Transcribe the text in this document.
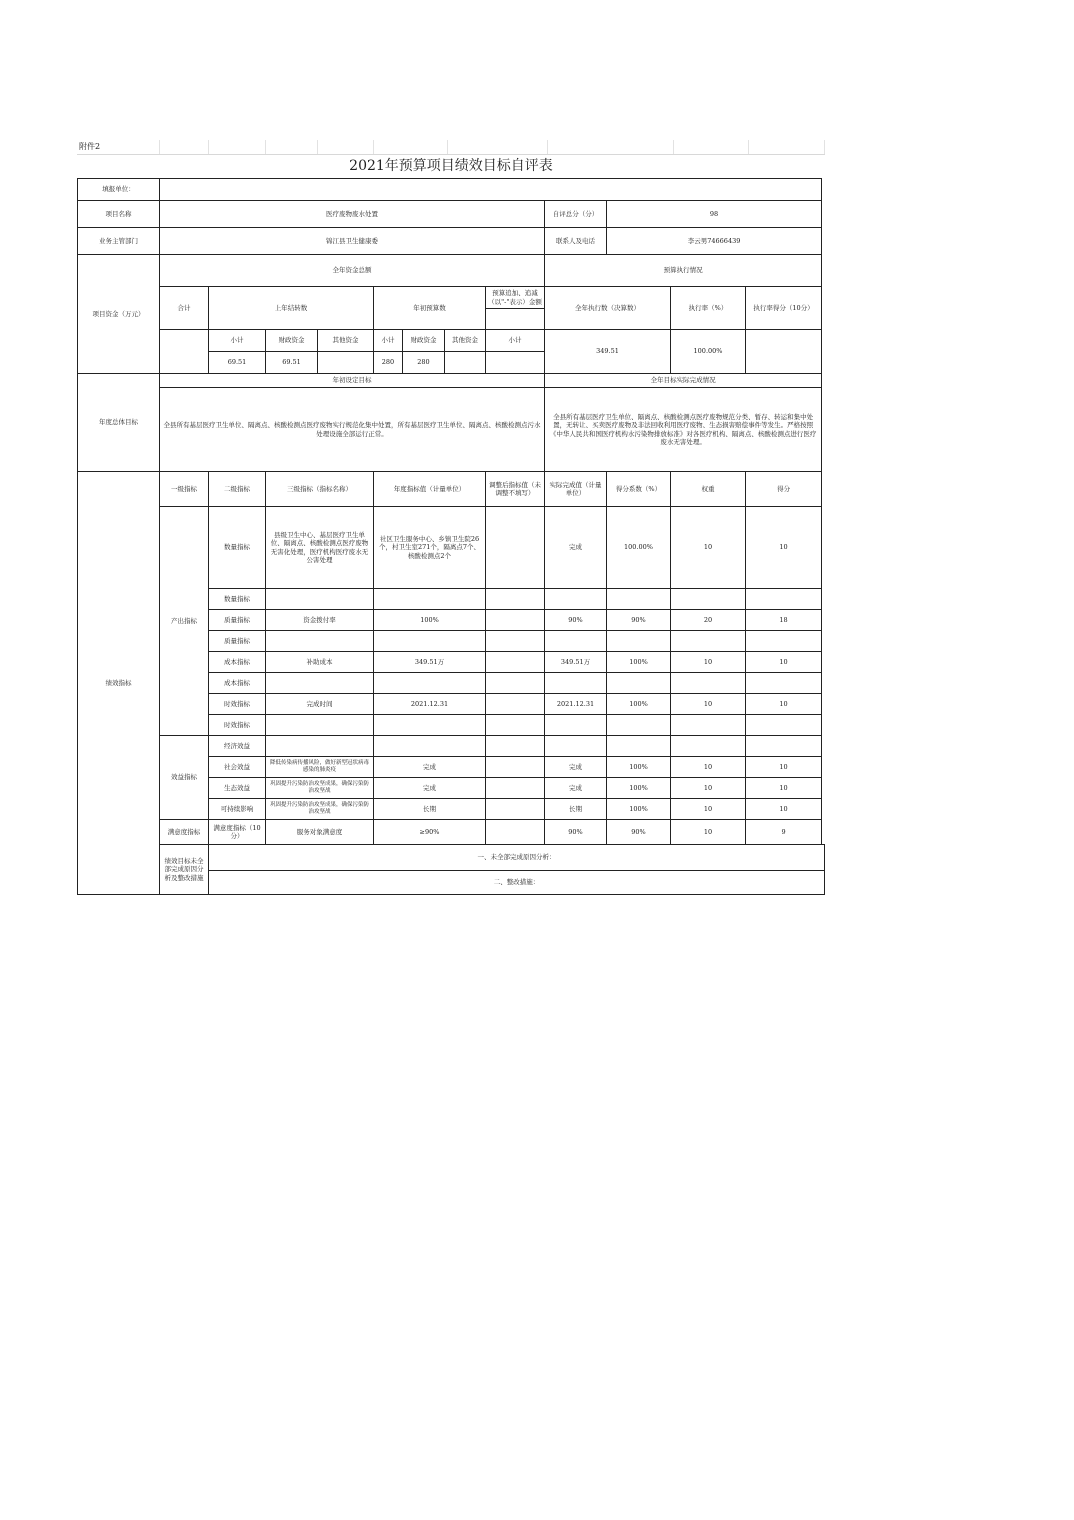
附件2
2021年预算项目绩效目标自评表
填报单位：												
项目名称	医疗废物废水处置								自评总分（分）	98		
业务主管部门	锦江县卫生健康委								联系人及电话	李云男74666439		
项目资金（万元）	全年资金总额								预算执行情况			
	合计	上年结转数			年初预算数			预算追加、追减（以"-"表示）金额	全年执行数（决算数）		执行率（%）	执行率得分（10分）

		小计	财政资金	其他资金	小计	财政资金	其他资金	小计	349.51		100.00%	
		69.51	69.51		280	280						
年度总体目标	年初设定目标								全年目标实际完成情况			
	全县所有基层医疗卫生单位、隔离点、核酸检测点医疗废物实行规范化集中处置，所有基层医疗卫生单位、隔离点、核酸检测点污水处理设施全部运行正常。								全县所有基层医疗卫生单位、隔离点、核酸检测点医疗废物规范分类、暂存、转运和集中处置，无转让、买卖医疗废物及非法回收利用医疗废物、生态损害赔偿事件等发生。严格按照《中华人民共和国医疗机构水污染物排放标准》对各医疗机构、隔离点、核酸检测点进行医疗废水无害处理。			
绩效指标	一级指标	二级指标	三级指标（指标名称）		年度指标值（计量单位）			调整后指标值（未调整不填写）	实际完成值（计量单位）	得分系数（%）	权重	得分
	产出指标	数量指标	县级卫生中心、基层医疗卫生单位、隔离点、核酸检测点医疗废物无害化处理，医疗机构医疗废水无公害处理		社区卫生服务中心、乡镇卫生院26个，村卫生室271个，隔离点7个、核酸检测点2个				完成	100.00%	10	10
		数量指标										
		质量指标	资金拨付率		100%				90%	90%	20	18
		质量指标										
		成本指标	补助成本		349.51万				349.51万	100%	10	10
		成本指标										
		时效指标	完成时间		2021.12.31				2021.12.31	100%	10	10
		时效指标										
	效益指标	经济效益										
		社会效益	降低传染病传播风险，做好新型冠状病毒感染的肺炎疫		完成				完成	100%	10	10
		生态效益	巩固提升污染防治攻坚成果，确保污染防治攻坚战		完成				完成	100%	10	10
		可持续影响	巩固提升污染防治攻坚成果，确保污染防治攻坚战		长期				长期	100%	10	10
	满意度指标	满意度指标（10分）	服务对象满意度		≥90%				90%	90%	10	9
	绩效目标未全部完成原因分析及整改措施	一、未全部完成原因分析：										
		二、整改措施：										
